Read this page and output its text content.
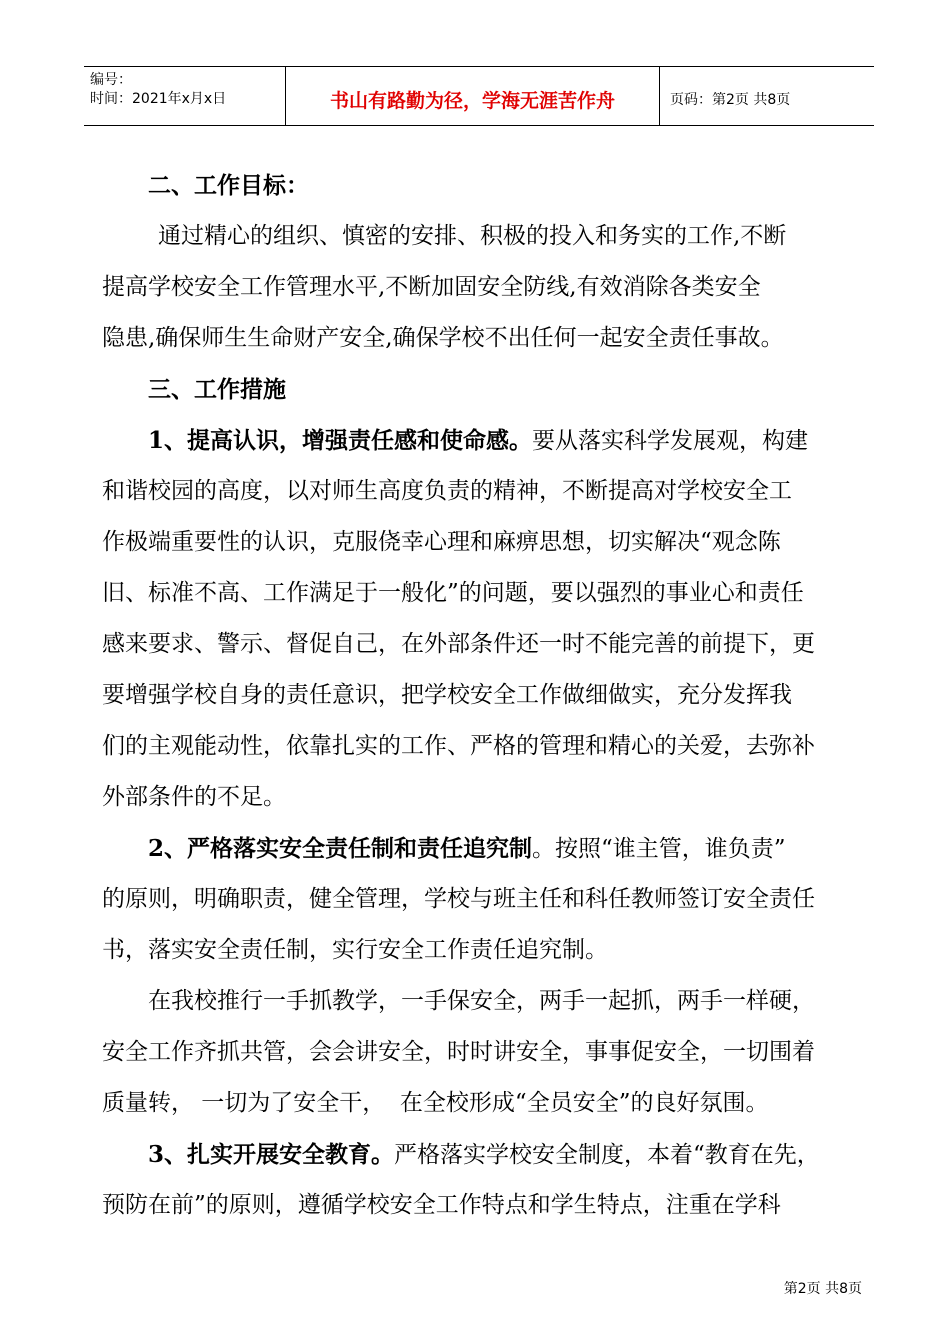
编号：
时间：2021年x月x日	书山有路勤为径，学海无涯苦作舟	页码：第2页 共8页
二、工作目标：
通过精心的组织、慎密的安排、积极的投入和务实的工作,不断
提高学校安全工作管理水平,不断加固安全防线,有效消除各类安全
隐患,确保师生生命财产安全,确保学校不出任何一起安全责任事故。
三、工作措施
1、提高认识，增强责任感和使命感。要从落实科学发展观，构建
和谐校园的高度，以对师生高度负责的精神，不断提高对学校安全工
作极端重要性的认识，克服侥幸心理和麻痹思想，切实解决“观念陈
旧、标准不高、工作满足于一般化”的问题，要以强烈的事业心和责任
感来要求、警示、督促自己，在外部条件还一时不能完善的前提下，更
要增强学校自身的责任意识，把学校安全工作做细做实，充分发挥我
们的主观能动性，依靠扎实的工作、严格的管理和精心的关爱，去弥补
外部条件的不足。
2、严格落实安全责任制和责任追究制。按照“谁主管，谁负责”
的原则，明确职责，健全管理，学校与班主任和科任教师签订安全责任
书，落实安全责任制，实行安全工作责任追究制。
在我校推行一手抓教学，一手保安全，两手一起抓，两手一样硬，
安全工作齐抓共管，会会讲安全，时时讲安全，事事促安全，一切围着
质量转， 一切为了安全干，  在全校形成“全员安全”的良好氛围。
3、扎实开展安全教育。严格落实学校安全制度，本着“教育在先，
预防在前”的原则，遵循学校安全工作特点和学生特点，注重在学科
第2页 共8页
